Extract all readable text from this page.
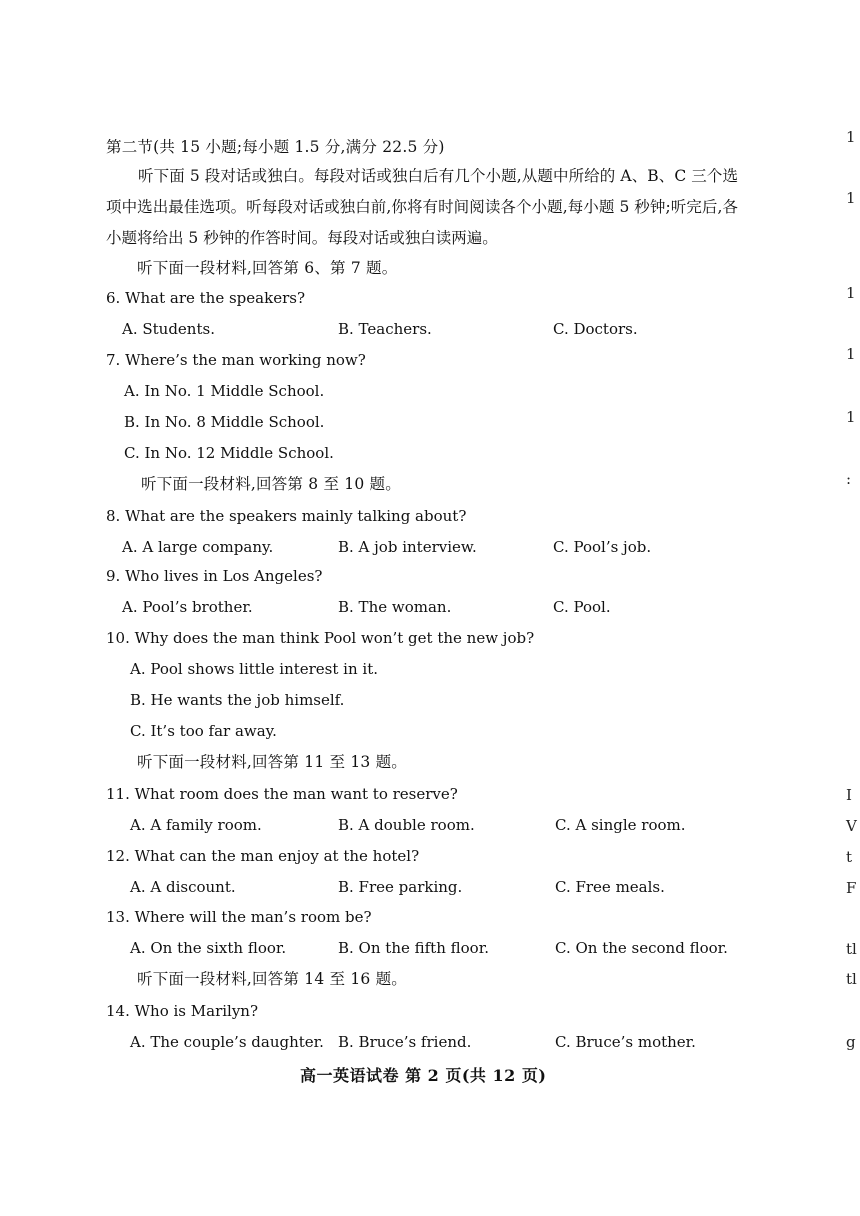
第二节(共 15 小题;每小题 1.5 分,满分 22.5 分)
听下面 5 段对话或独白。每段对话或独白后有几个小题,从题中所给的 A、B、C 三个选项中选出最佳选项。听每段对话或独白前,你将有时间阅读各个小题,每小题 5 秒钟;听完后,各小题将给出 5 秒钟的作答时间。每段对话或独白读两遍。
听下面一段材料,回答第 6、第 7 题。
6. What are the speakers?
A. Students.	B. Teachers.	C. Doctors.
7. Where’s the man working now?
A. In No. 1 Middle School.
B. In No. 8 Middle School.
C. In No. 12 Middle School.
听下面一段材料,回答第 8 至 10 题。
8. What are the speakers mainly talking about?
A. A large company.	B. A job interview.	C. Pool’s job.
9. Who lives in Los Angeles?
A. Pool’s brother.	B. The woman.	C. Pool.
10. Why does the man think Pool won’t get the new job?
A. Pool shows little interest in it.
B. He wants the job himself.
C. It’s too far away.
听下面一段材料,回答第 11 至 13 题。
11. What room does the man want to reserve?
A. A family room.	B. A double room.	C. A single room.
12. What can the man enjoy at the hotel?
A. A discount.	B. Free parking.	C. Free meals.
13. Where will the man’s room be?
A. On the sixth floor.	B. On the fifth floor.	C. On the second floor.
听下面一段材料,回答第 14 至 16 题。
14. Who is Marilyn?
A. The couple’s daughter. B. Bruce’s friend.	C. Bruce’s mother.
高一英语试卷 第 2 页(共 12 页)
1
1
1
1
1
:
I
V
t
F
tl
tl
g
